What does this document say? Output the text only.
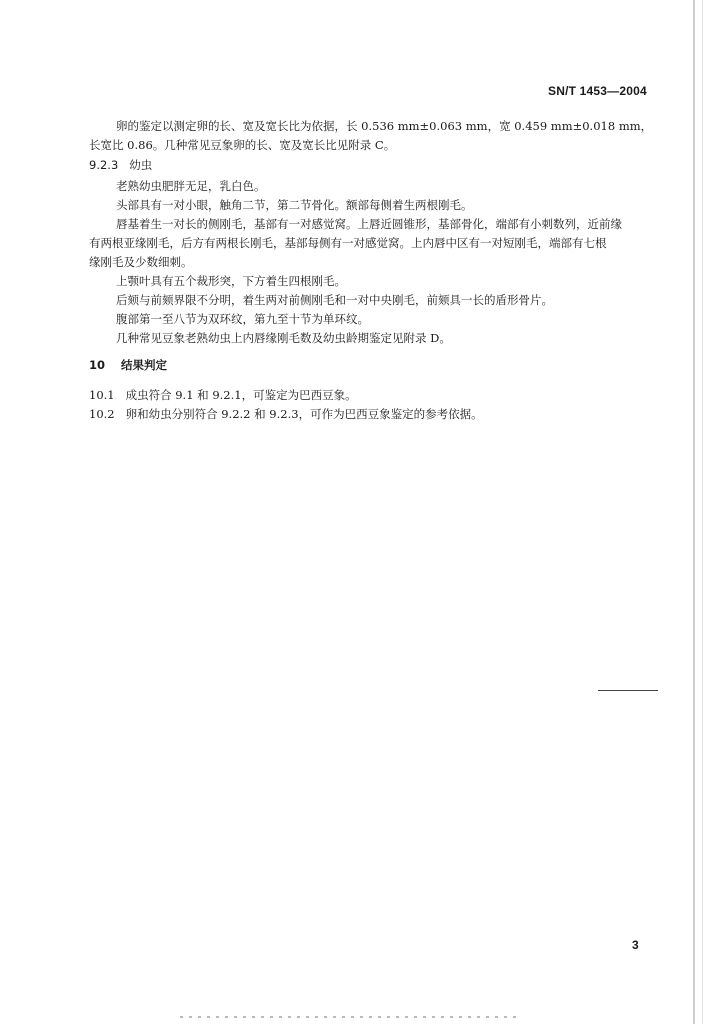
SN/T 1453—2004
卵的鉴定以测定卵的长、宽及宽长比为依据，长 0.536 mm±0.063 mm，宽 0.459 mm±0.018 mm，
长宽比 0.86。几种常见豆象卵的长、宽及宽长比见附录 C。
9.2.3 幼虫
老熟幼虫肥胖无足，乳白色。
头部具有一对小眼，触角二节，第二节骨化。额部每侧着生两根刚毛。
唇基着生一对长的侧刚毛，基部有一对感觉窝。上唇近圆锥形，基部骨化，端部有小刺数列，近前缘
有两根亚缘刚毛，后方有两根长刚毛，基部每侧有一对感觉窝。上内唇中区有一对短刚毛，端部有七根
缘刚毛及少数细刺。
上颚叶具有五个裁形突，下方着生四根刚毛。
后颏与前颏界限不分明，着生两对前侧刚毛和一对中央刚毛，前颏具一长的盾形骨片。
腹部第一至八节为双环纹，第九至十节为单环纹。
几种常见豆象老熟幼虫上内唇缘刚毛数及幼虫龄期鉴定见附录 D。
10 结果判定
10.1 成虫符合 9.1 和 9.2.1，可鉴定为巴西豆象。
10.2 卵和幼虫分别符合 9.2.2 和 9.2.3，可作为巴西豆象鉴定的参考依据。
3
